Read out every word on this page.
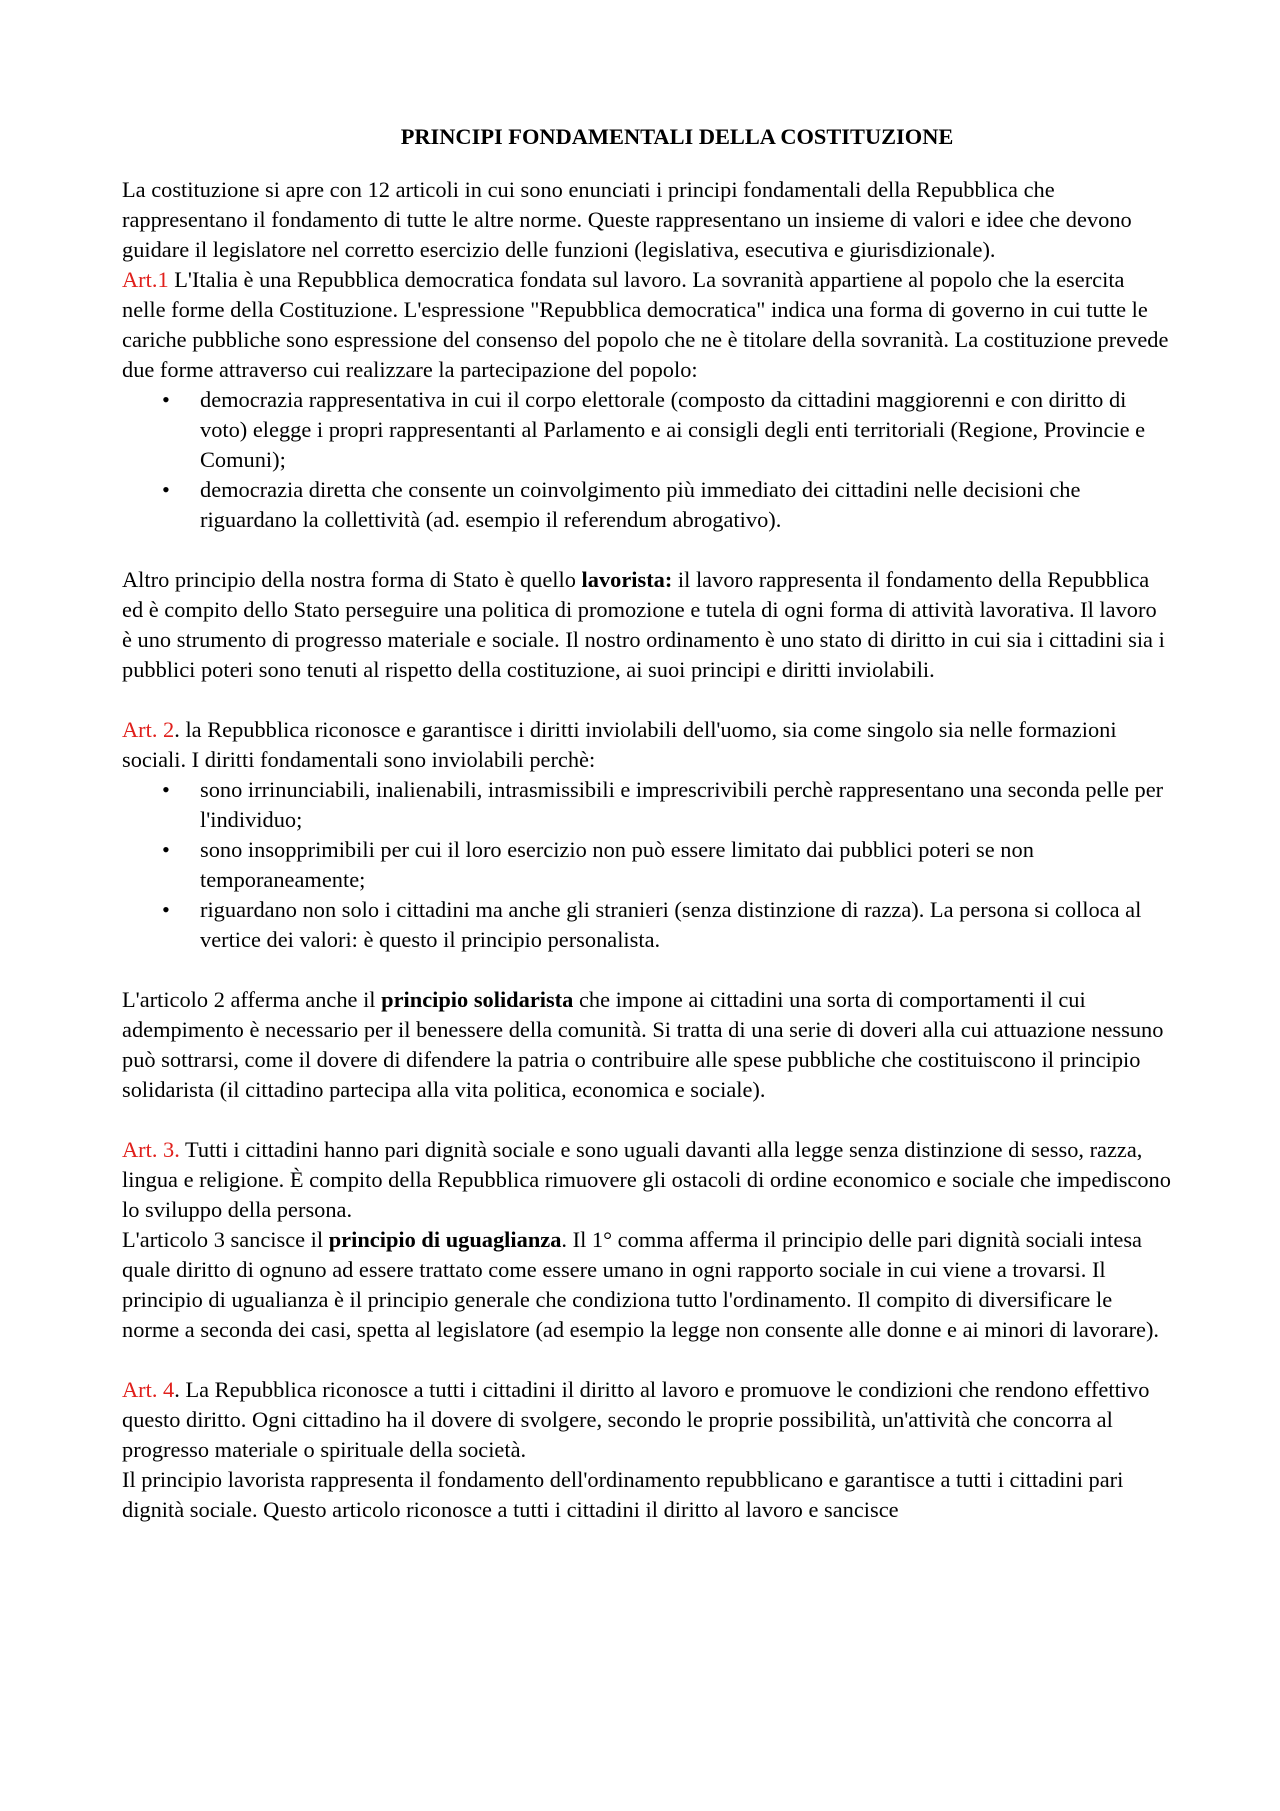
PRINCIPI FONDAMENTALI DELLA COSTITUZIONE

La costituzione si apre con 12 articoli in cui sono enunciati i principi fondamentali della Repubblica che rappresentano il fondamento di tutte le altre norme. Queste rappresentano un insieme di valori e idee che devono guidare il legislatore nel corretto esercizio delle funzioni (legislativa, esecutiva e giurisdizionale).

Art.1 L'Italia è una Repubblica democratica fondata sul lavoro. La sovranità appartiene al popolo che la esercita nelle forme della Costituzione. L'espressione "Repubblica democratica" indica una forma di governo in cui tutte le cariche pubbliche sono espressione del consenso del popolo che ne è titolare della sovranità. La costituzione prevede due forme attraverso cui realizzare la partecipazione del popolo:

• democrazia rappresentativa in cui il corpo elettorale (composto da cittadini maggiorenni e con diritto di voto) elegge i propri rappresentanti al Parlamento e ai consigli degli enti territoriali (Regione, Provincie e Comuni);
• democrazia diretta che consente un coinvolgimento più immediato dei cittadini nelle decisioni che riguardano la collettività (ad. esempio il referendum abrogativo).

Altro principio della nostra forma di Stato è quello lavorista: il lavoro rappresenta il fondamento della Repubblica ed è compito dello Stato perseguire una politica di promozione e tutela di ogni forma di attività lavorativa. Il lavoro è uno strumento di progresso materiale e sociale. Il nostro ordinamento è uno stato di diritto in cui sia i cittadini sia i pubblici poteri sono tenuti al rispetto della costituzione, ai suoi principi e diritti inviolabili.

Art. 2. la Repubblica riconosce e garantisce i diritti inviolabili dell'uomo, sia come singolo sia nelle formazioni sociali. I diritti fondamentali sono inviolabili perchè:

• sono irrinunciabili, inalienabili, intrasmissibili e imprescrivibili perchè rappresentano una seconda pelle per l'individuo;
• sono insopprimibili per cui il loro esercizio non può essere limitato dai pubblici poteri se non temporaneamente;
• riguardano non solo i cittadini ma anche gli stranieri (senza distinzione di razza). La persona si colloca al vertice dei valori: è questo il principio personalista.

L'articolo 2 afferma anche il principio solidarista che impone ai cittadini una sorta di comportamenti il cui adempimento è necessario per il benessere della comunità. Si tratta di una serie di doveri alla cui attuazione nessuno può sottrarsi, come il dovere di difendere la patria o contribuire alle spese pubbliche che costituiscono il principio solidarista (il cittadino partecipa alla vita politica, economica e sociale).

Art. 3. Tutti i cittadini hanno pari dignità sociale e sono uguali davanti alla legge senza distinzione di sesso, razza, lingua e religione. È compito della Repubblica rimuovere gli ostacoli di ordine economico e sociale che impediscono lo sviluppo della persona.

L'articolo 3 sancisce il principio di uguaglianza. Il 1° comma afferma il principio delle pari dignità sociali intesa quale diritto di ognuno ad essere trattato come essere umano in ogni rapporto sociale in cui viene a trovarsi. Il principio di ugualianza è il principio generale che condiziona tutto l'ordinamento. Il compito di diversificare le norme a seconda dei casi, spetta al legislatore (ad esempio la legge non consente alle donne e ai minori di lavorare).

Art. 4. La Repubblica riconosce a tutti i cittadini il diritto al lavoro e promuove le condizioni che rendono effettivo questo diritto. Ogni cittadino ha il dovere di svolgere, secondo le proprie possibilità, un'attività che concorra al progresso materiale o spirituale della società.

Il principio lavorista rappresenta il fondamento dell'ordinamento repubblicano e garantisce a tutti i cittadini pari dignità sociale. Questo articolo riconosce a tutti i cittadini il diritto al lavoro e sancisce
